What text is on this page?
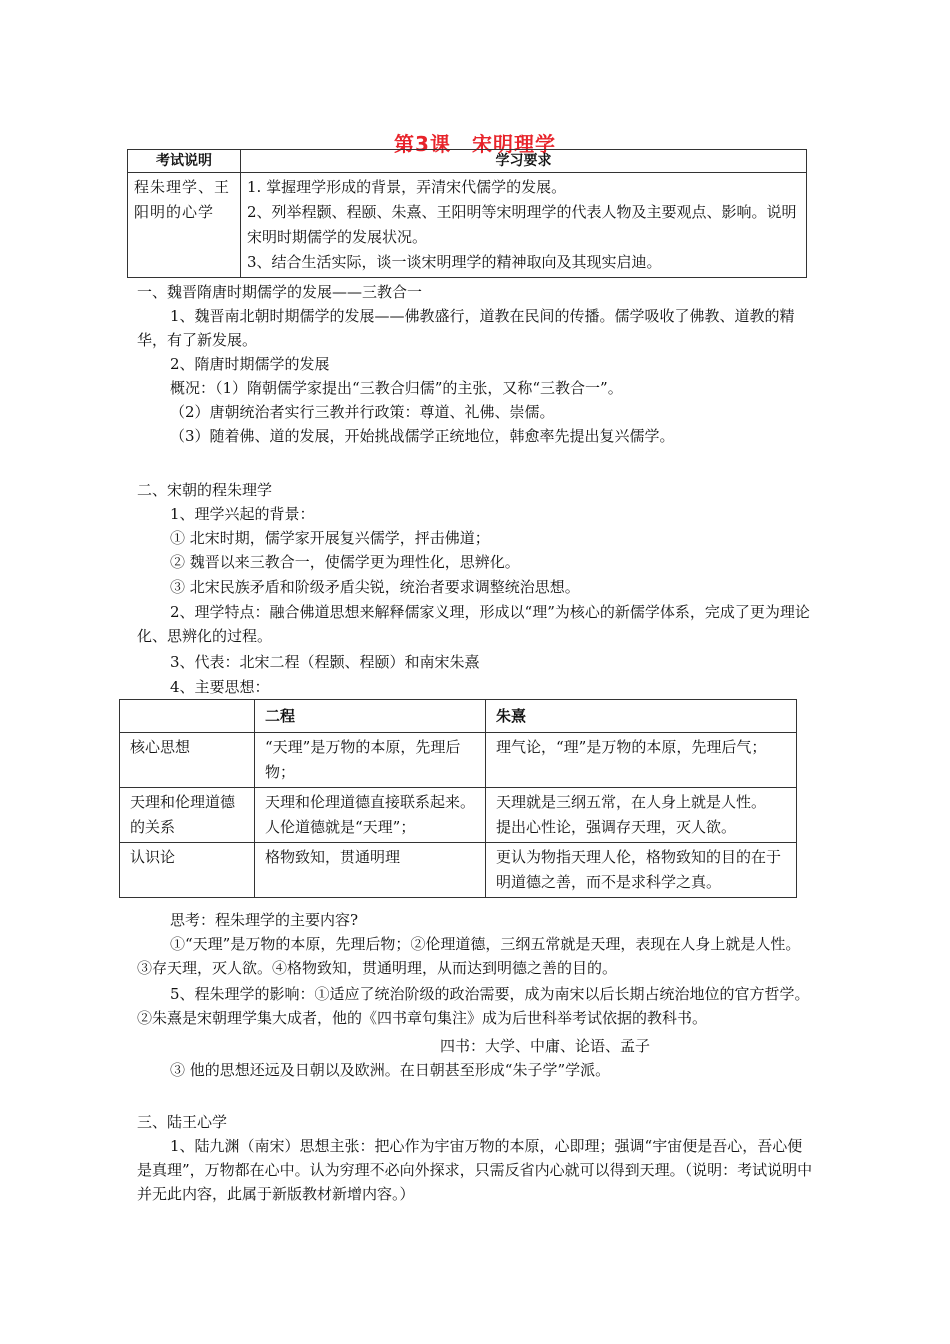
第3课　宋明理学
考试说明	学习要求
程朱理学、王阳明的心学	1. 掌握理学形成的背景，弄清宋代儒学的发展。
2、列举程颢、程颐、朱熹、王阳明等宋明理学的代表人物及主要观点、影响。说明宋明时期儒学的发展状况。
3、结合生活实际，谈一谈宋明理学的精神取向及其现实启迪。
一、魏晋隋唐时期儒学的发展——三教合一
1、魏晋南北朝时期儒学的发展——佛教盛行，道教在民间的传播。儒学吸收了佛教、道教的精华，有了新发展。
2、隋唐时期儒学的发展
概况：（1）隋朝儒学家提出“三教合归儒”的主张，又称“三教合一”。
（2）唐朝统治者实行三教并行政策：尊道、礼佛、崇儒。
（3）随着佛、道的发展，开始挑战儒学正统地位，韩愈率先提出复兴儒学。
二、宋朝的程朱理学
1、理学兴起的背景：
① 北宋时期，儒学家开展复兴儒学，抨击佛道；
② 魏晋以来三教合一，使儒学更为理性化，思辨化。
③ 北宋民族矛盾和阶级矛盾尖锐，统治者要求调整统治思想。
2、理学特点：融合佛道思想来解释儒家义理，形成以“理”为核心的新儒学体系，完成了更为理论化、思辨化的过程。
3、代表：北宋二程（程颢、程颐）和南宋朱熹
4、主要思想：
	二程	朱熹
核心思想	“天理”是万物的本原，先理后物；	理气论，“理”是万物的本原，先理后气；
天理和伦理道德的关系	天理和伦理道德直接联系起来。人伦道德就是“天理”；	天理就是三纲五常，在人身上就是人性。
提出心性论，强调存天理，灭人欲。

认识论	格物致知，贯通明理	更认为物指天理人伦，格物致知的目的在于明道德之善，而不是求科学之真。
思考：程朱理学的主要内容?
①“天理”是万物的本原，先理后物；②伦理道德，三纲五常就是天理，表现在人身上就是人性。③存天理，灭人欲。④格物致知，贯通明理，从而达到明德之善的目的。
5、程朱理学的影响：①适应了统治阶级的政治需要，成为南宋以后长期占统治地位的官方哲学。②朱熹是宋朝理学集大成者，他的《四书章句集注》成为后世科举考试依据的教科书。
四书：大学、中庸、论语、孟子
③ 他的思想还远及日朝以及欧洲。在日朝甚至形成“朱子学”学派。
三、陆王心学
1、陆九渊（南宋）思想主张：把心作为宇宙万物的本原，心即理；强调“宇宙便是吾心，吾心便是真理”，万物都在心中。认为穷理不必向外探求，只需反省内心就可以得到天理。（说明：考试说明中并无此内容，此属于新版教材新增内容。）
